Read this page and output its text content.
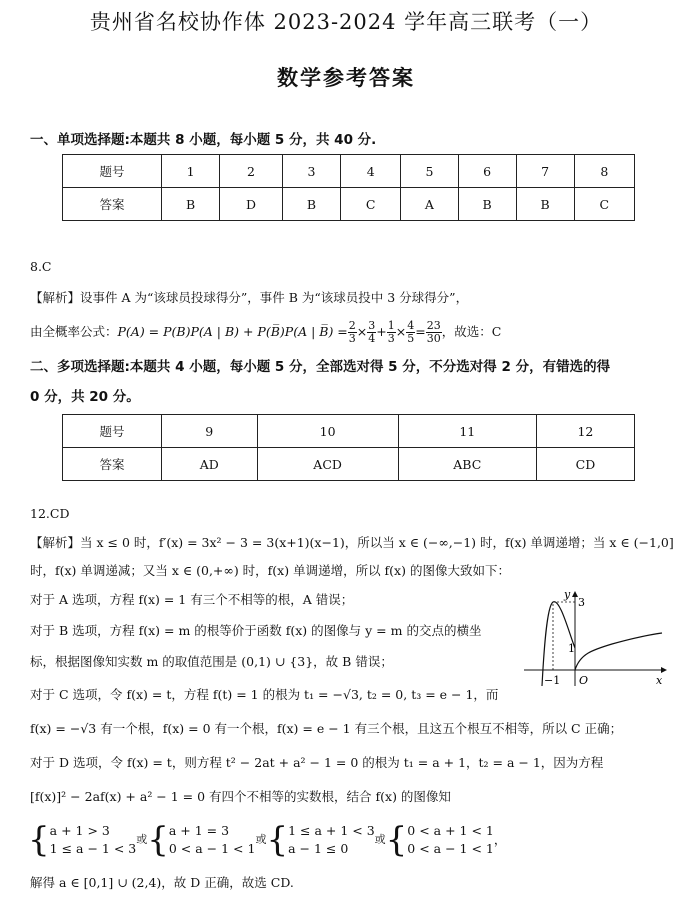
贵州省名校协作体 2023-2024 学年高三联考（一）
数学参考答案
一、单项选择题:本题共 8 小题，每小题 5 分，共 40 分.
题号	1	2	3	4	5	6	7	8
答案	B	D	B	C	A	B	B	C
8.C
【解析】设事件 A 为“该球员投球得分”，事件 B 为“该球员投中 3 分球得分”，
由全概率公式： P(A) = P(B)P(A | B) + P(B̅)P(A | B̅) = $\frac{2}{3} \times \frac{3}{4} + \frac{1}{3} \times \frac{4}{5} = \frac{23}{30}$ ，故选：C
二、多项选择题:本题共 4 小题，每小题 5 分，全部选对得 5 分，不分选对得 2 分，有错选的得
0 分，共 20 分。
题号	9	10	11	12
答案	AD	ACD	ABC	CD
12.CD
【解析】当 x ≤ 0 时，f′(x) = 3x² − 3 = 3(x+1)(x−1)，所以当 x ∈ (−∞,−1) 时，f(x) 单调递增；当 x ∈ (−1,0]
时，f(x) 单调递减；又当 x ∈ (0,+∞) 时，f(x) 单调递增，所以 f(x) 的图像大致如下：
对于 A 选项，方程 f(x) = 1 有三个不相等的根，A 错误；
对于 B 选项，方程 f(x) = m 的根等价于函数 f(x) 的图像与 y = m 的交点的横坐
标，根据图像知实数 m 的取值范围是 (0,1) ∪ {3}，故 B 错误；
对于 C 选项，令 f(x) = t，方程 f(t) = 1 的根为 t₁ = −√3, t₂ = 0, t₃ = e − 1，而
f(x) = −√3 有一个根，f(x) = 0 有一个根，f(x) = e − 1 有三个根，且这五个根互不相等，所以 C 正确；
对于 D 选项，令 f(x) = t，则方程 t² − 2at + a² − 1 = 0 的根为 t₁ = a + 1，t₂ = a − 1，因为方程
[f(x)]² − 2af(x) + a² − 1 = 0 有四个不相等的实数根，结合 f(x) 的图像知
{ a + 1 > 3
1 ≤ a − 1 < 3
或 { a + 1 = 3
0 < a − 1 < 1
或 { 1 ≤ a + 1 < 3
a − 1 ≤ 0
或 { 0 < a + 1 < 1
0 < a − 1 < 1
，
解得 a ∈ [0,1] ∪ (2,4)，故 D 正确，故选 CD.
y
x
O
3
1
−1
